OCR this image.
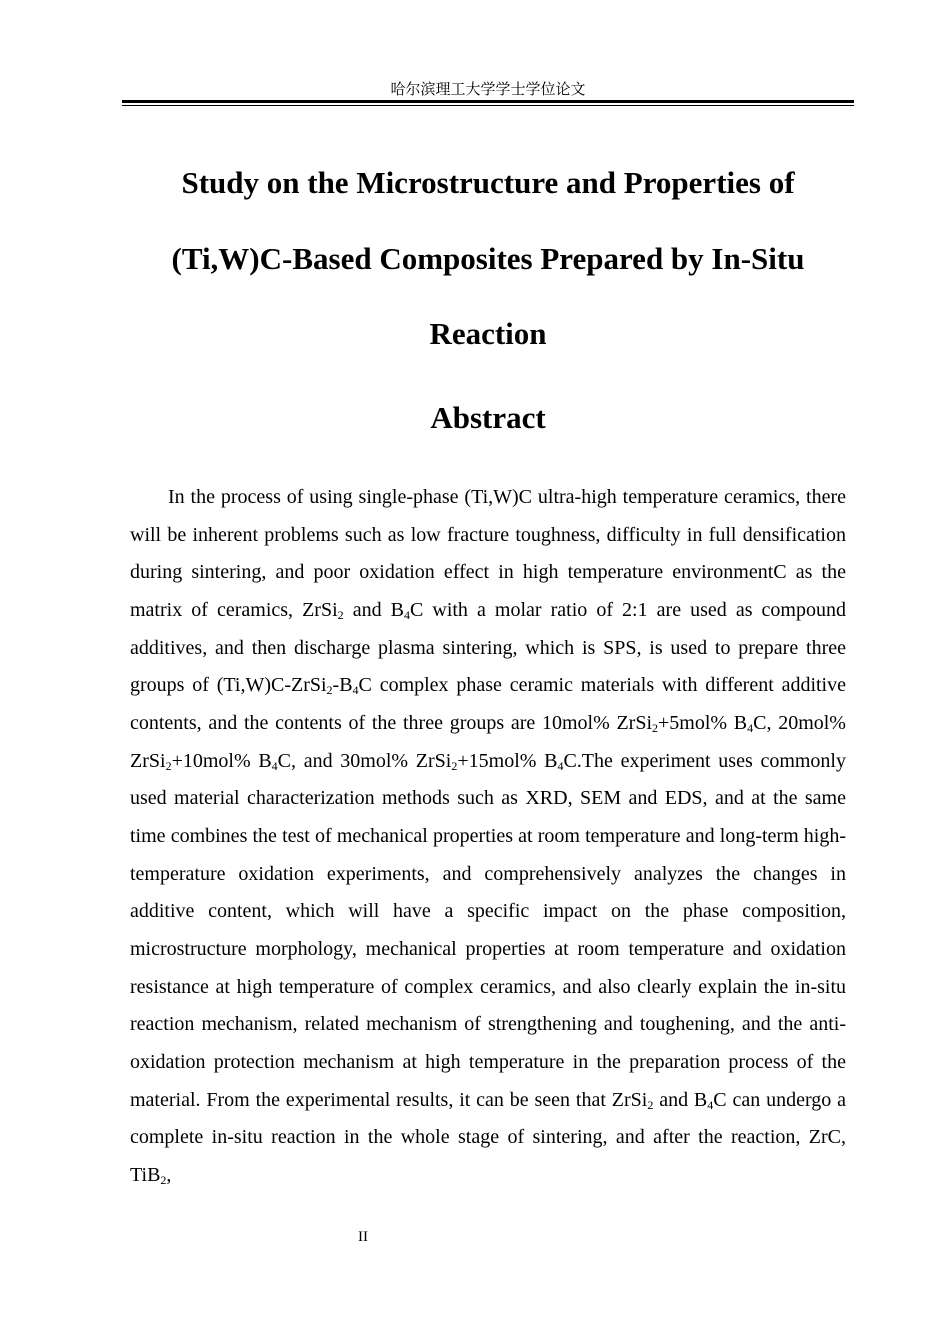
哈尔滨理工大学学士学位论文
Study on the Microstructure and Properties of (Ti,W)C-Based Composites Prepared by In-Situ Reaction
Abstract

In the process of using single-phase (Ti,W)C ultra-high temperature ceramics, there will be inherent problems such as low fracture toughness, difficulty in full densification during sintering, and poor oxidation effect in high temperature environmentC as the matrix of ceramics, ZrSi$_2$ and $B_4C$ with a molar ratio of 2:1 are used as compound additives, and then discharge plasma sintering, which is SPS, is used to prepare three groups of $(Ti,W)C-ZrSi_2-B_4C$ complex phase ceramic materials with different additive contents, and the contents of the three groups are 10mol% ZrSi$_2$+5mol% $B_4C$, 20mol% ZrSi$_2$+10mol% $B_4C$, and 30mol% ZrSi$_2$+15mol% $B_4C.The$ experiment uses commonly used material characterization methods such as XRD, SEM and EDS, and at the same time combines the test of mechanical properties at room temperature and long-term high-temperature oxidation experiments, and comprehensively analyzes the changes in additive content, which will have a specific impact on the phase composition, microstructure morphology, mechanical properties at room temperature and oxidation resistance at high temperature of complex ceramics, and also clearly explain the in-situ reaction mechanism, related mechanism of strengthening and toughening, and the anti-oxidation protection mechanism at high temperature in the preparation process of the material. From the experimental results, it can be seen that ZrSi$_2$ and $B_4C$ can undergo a complete in-situ reaction in the whole stage of sintering, and after the reaction, ZrC, TiB$_2$,

II
